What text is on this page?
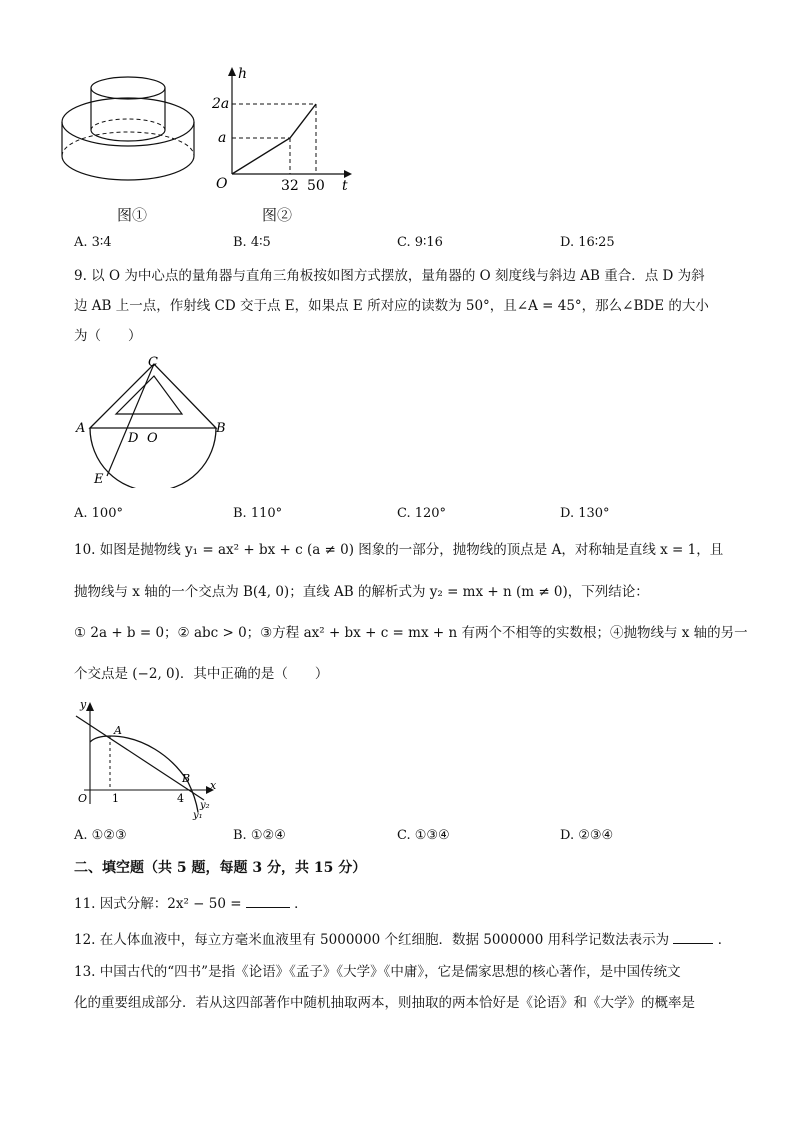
图①
h
2a
a
O	32 50 t
图②
A. 3∶4	B. 4∶5	C. 9∶16	D. 16∶25
9. 以 O 为中心点的量角器与直角三角板按如图方式摆放，量角器的 O 刻度线与斜边 AB 重合．点 D 为斜
边 AB 上一点，作射线 CD 交于点 E，如果点 E 所对应的读数为 50°，且∠A = 45°，那么∠BDE 的大小
为（　　）
C
A	B
D O
E
A. 100°	B. 110°	C. 120°	D. 130°
10. 如图是抛物线 y₁ = ax² + bx + c (a ≠ 0) 图象的一部分，抛物线的顶点是 A，对称轴是直线 x = 1，且
抛物线与 x 轴的一个交点为 B(4, 0)；直线 AB 的解析式为 y₂ = mx + n (m ≠ 0)，下列结论：
① 2a + b = 0；② abc > 0；③方程 ax² + bx + c = mx + n 有两个不相等的实数根；④抛物线与 x 轴的另一
个交点是 (−2, 0)．其中正确的是（　　）
y
x
O 1	4
A
B
y₂
y₁
A. ①②③	B. ①②④	C. ①③④	D. ②③④
二、填空题（共 5 题，每题 3 分，共 15 分）
11. 因式分解：2x² − 50 =	．
12. 在人体血液中，每立方毫米血液里有 5000000 个红细胞．数据 5000000 用科学记数法表示为	．
13. 中国古代的“四书”是指《论语》《孟子》《大学》《中庸》，它是儒家思想的核心著作，是中国传统文
化的重要组成部分．若从这四部著作中随机抽取两本，则抽取的两本恰好是《论语》和《大学》的概率是
